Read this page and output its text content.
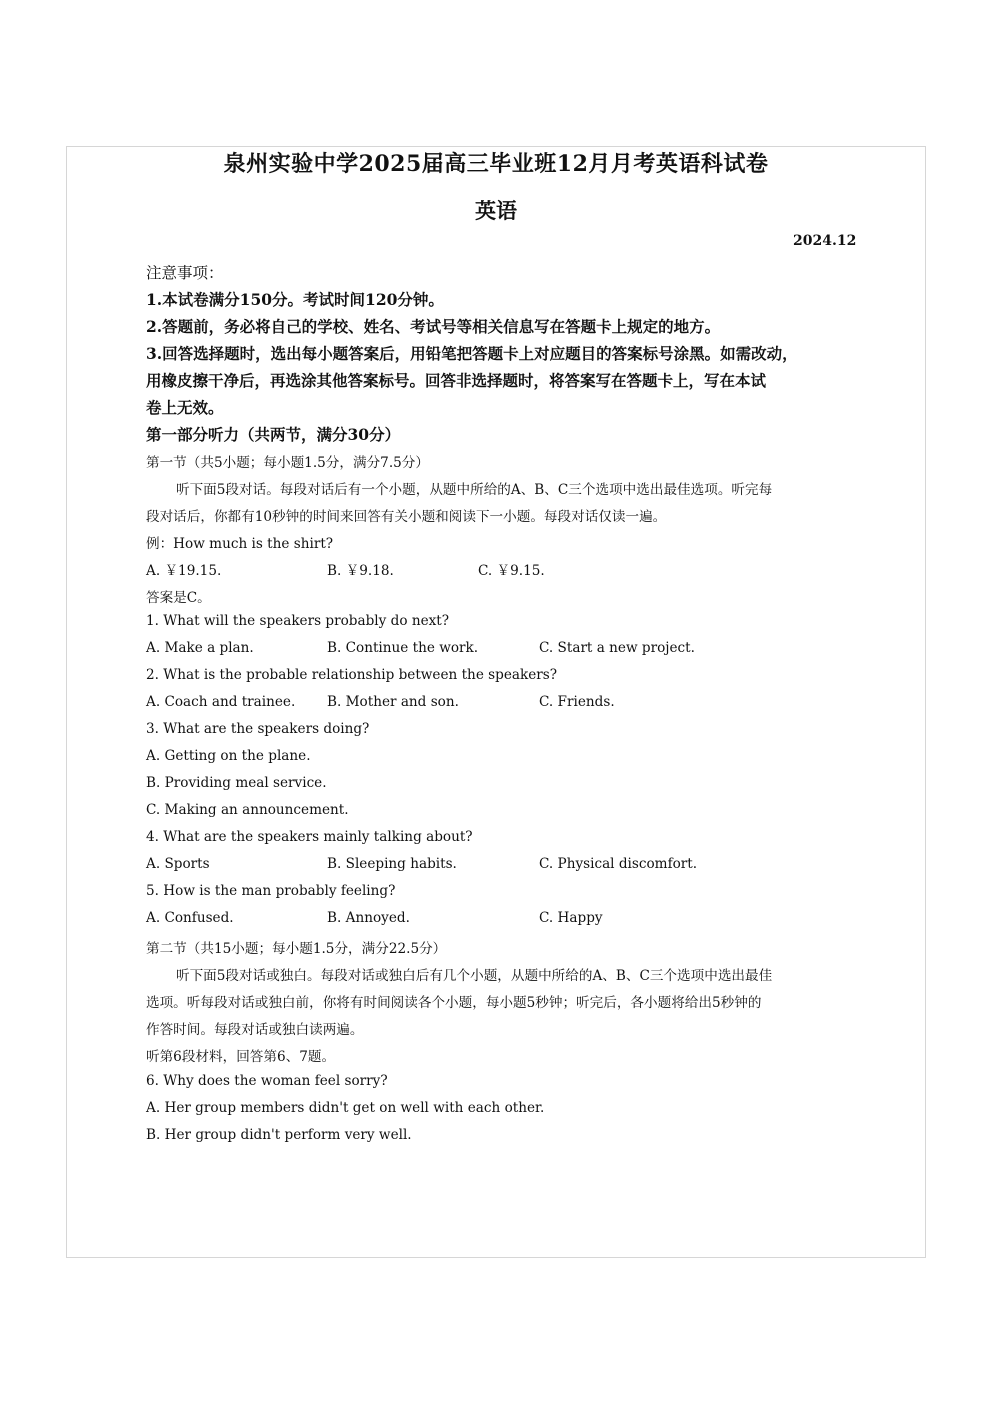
泉州实验中学2025届高三毕业班12月月考英语科试卷
英语
2024.12
注意事项：
1.本试卷满分150分。考试时间120分钟。
2.答题前，务必将自己的学校、姓名、考试号等相关信息写在答题卡上规定的地方。
3.回答选择题时，选出每小题答案后，用铅笔把答题卡上对应题目的答案标号涂黑。如需改动，
用橡皮擦干净后，再选涂其他答案标号。回答非选择题时，将答案写在答题卡上，写在本试
卷上无效。
第一部分听力（共两节，满分30分）
第一节（共5小题；每小题1.5分，满分7.5分）
听下面5段对话。每段对话后有一个小题，从题中所给的A、B、C三个选项中选出最佳选项。听完每
段对话后，你都有10秒钟的时间来回答有关小题和阅读下一小题。每段对话仅读一遍。
例：How much is the shirt?
A. ￥19.15.	B. ￥9.18.	C. ￥9.15.
答案是C。
1. What will the speakers probably do next?
A. Make a plan.	B. Continue the work.	C. Start a new project.
2. What is the probable relationship between the speakers?
A. Coach and trainee. B. Mother and son.	C. Friends.
3. What are the speakers doing?
A. Getting on the plane.
B. Providing meal service.
C. Making an announcement.
4. What are the speakers mainly talking about?
A. Sports	B. Sleeping habits.	C. Physical discomfort.
5. How is the man probably feeling?
A. Confused.	B. Annoyed.	C. Happy
第二节（共15小题；每小题1.5分，满分22.5分）
听下面5段对话或独白。每段对话或独白后有几个小题，从题中所给的A、B、C三个选项中选出最佳
选项。听每段对话或独白前，你将有时间阅读各个小题，每小题5秒钟；听完后，各小题将给出5秒钟的
作答时间。每段对话或独白读两遍。
听第6段材料，回答第6、7题。
6. Why does the woman feel sorry?
A. Her group members didn't get on well with each other.
B. Her group didn't perform very well.
